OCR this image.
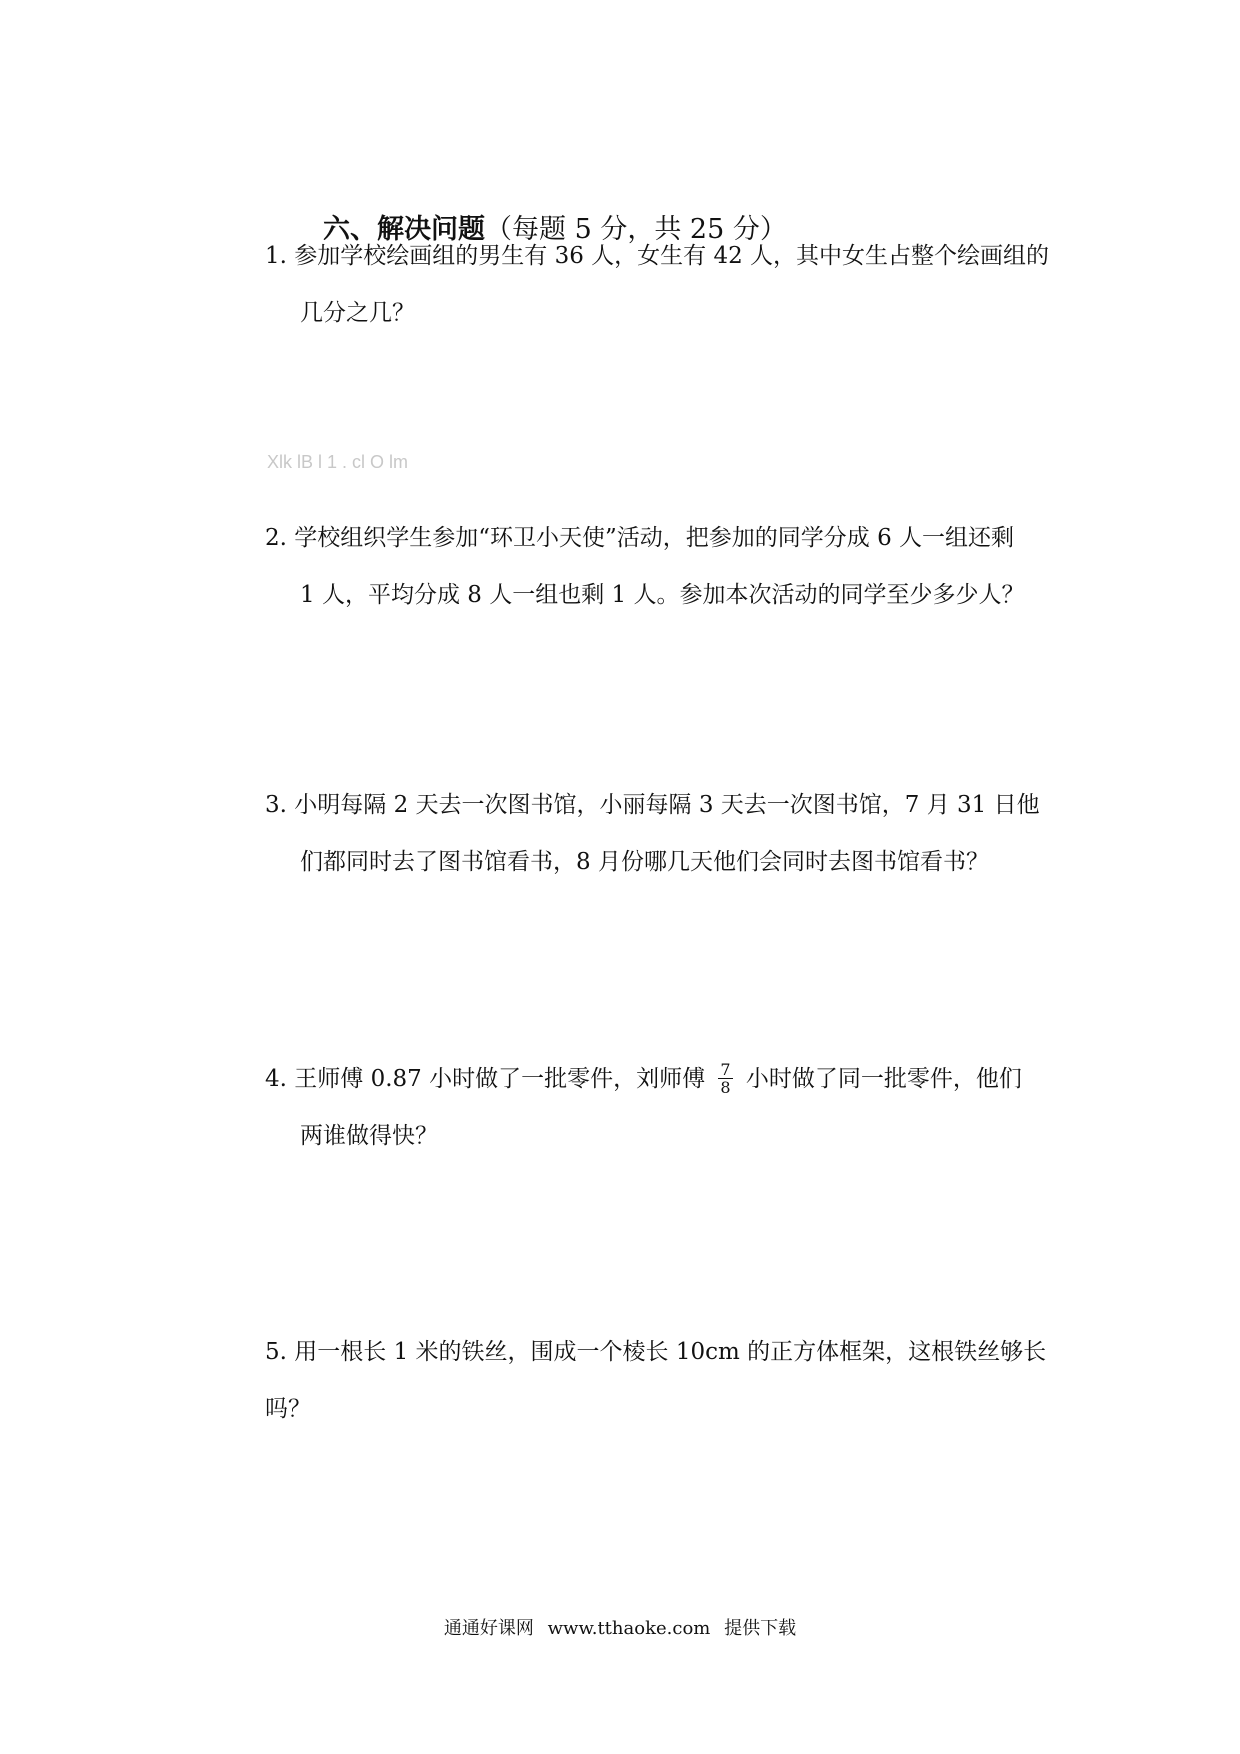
六、解决问题（每题 5 分，共 25 分）
1. 参加学校绘画组的男生有 36 人，女生有 42 人，其中女生占整个绘画组的
几分之几？
Xlk lB l 1 . cl O lm
2. 学校组织学生参加“环卫小天使”活动，把参加的同学分成 6 人一组还剩
1 人，平均分成 8 人一组也剩 1 人。参加本次活动的同学至少多少人？
3. 小明每隔 2 天去一次图书馆，小丽每隔 3 天去一次图书馆，7 月 31 日他
们都同时去了图书馆看书，8 月份哪几天他们会同时去图书馆看书？
4. 王师傅 0.87 小时做了一批零件，刘师傅 $\frac{7}{8}$ 小时做了同一批零件，他们
两谁做得快？
5. 用一根长 1 米的铁丝，围成一个棱长 10cm 的正方体框架，这根铁丝够长
吗？
通通好课网 www.tthaoke.com 提供下载
